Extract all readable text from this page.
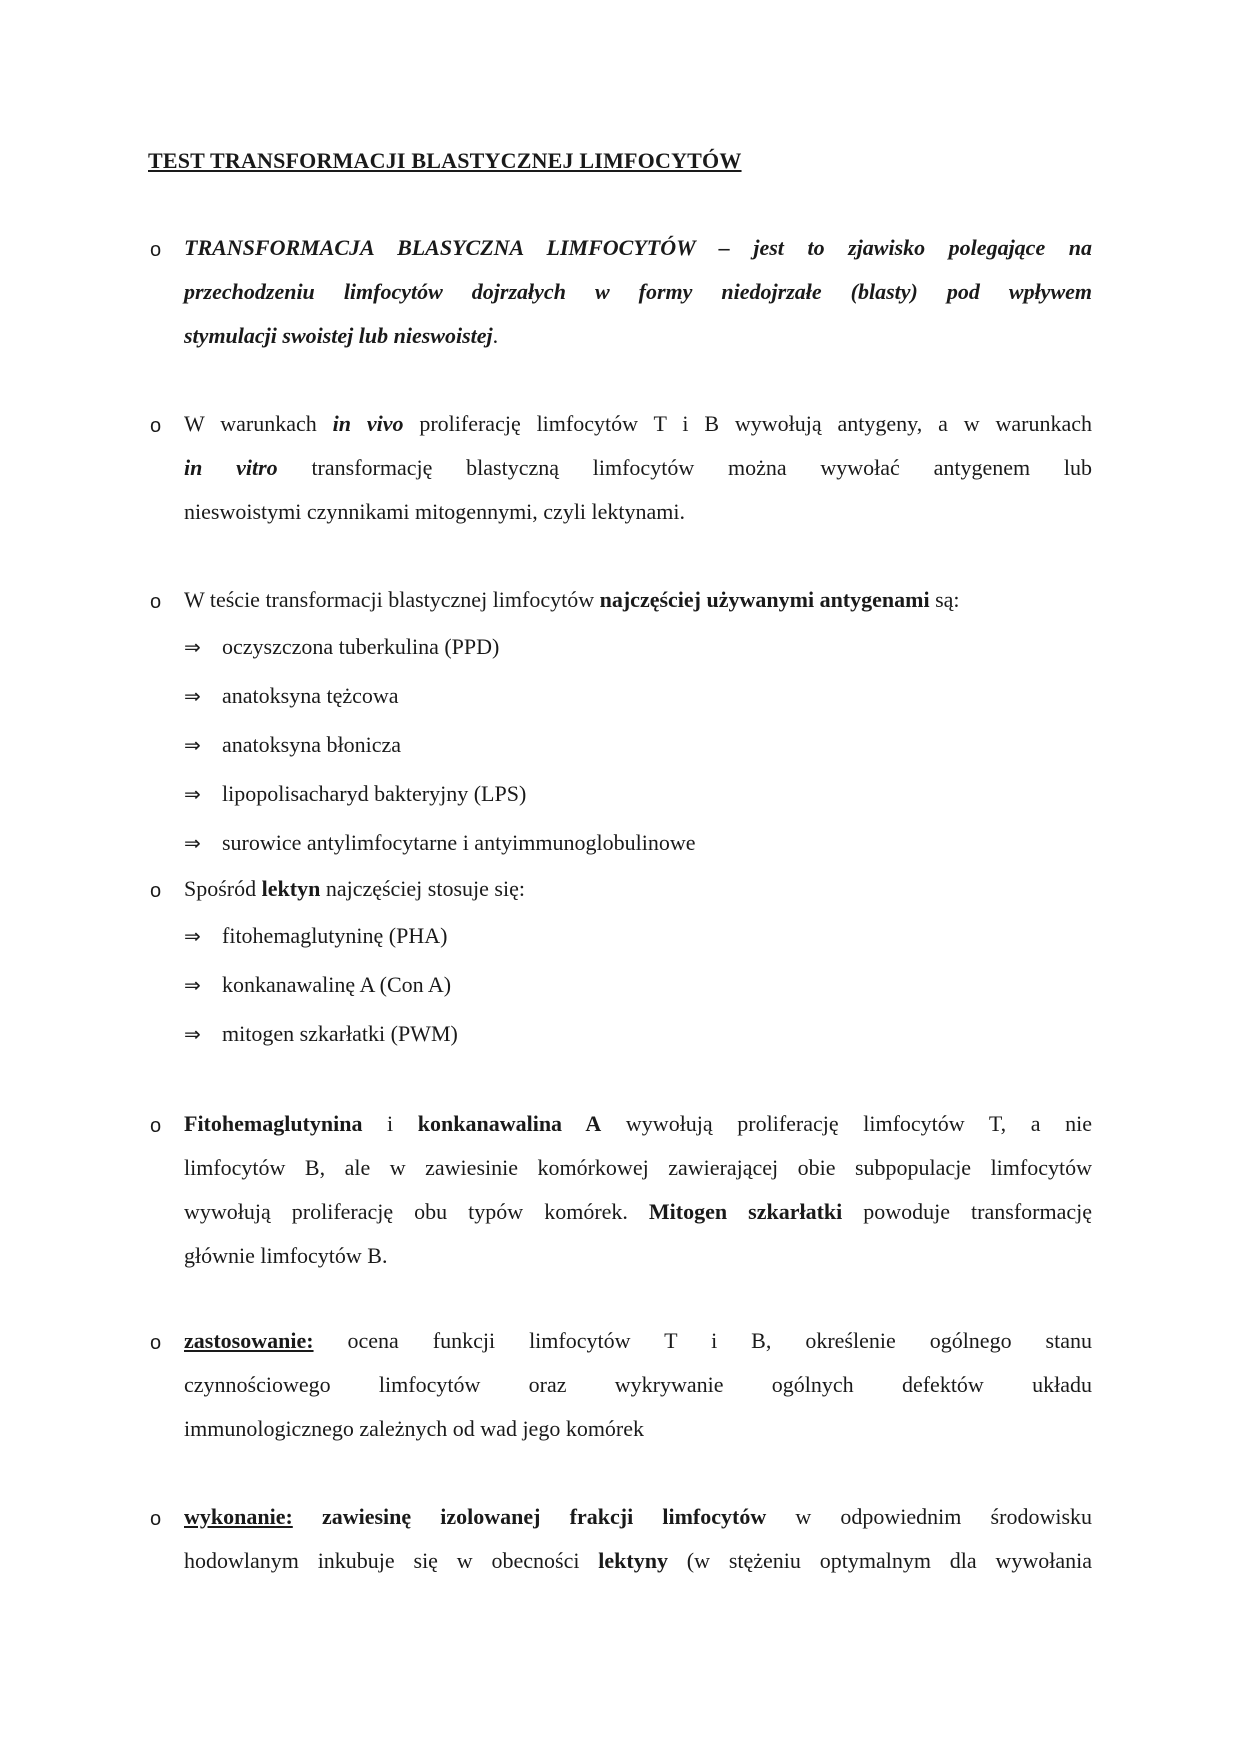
TEST TRANSFORMACJI BLASTYCZNEJ LIMFOCYTÓW
o TRANSFORMACJA BLASYCZNA LIMFOCYTÓW – jest to zjawisko polegające na
przechodzeniu limfocytów dojrzałych w formy niedojrzałe (blasty) pod wpływem
stymulacji swoistej lub nieswoistej.
o W warunkach in vivo proliferację limfocytów T i B wywołują antygeny, a w warunkach
in vitro transformację blastyczną limfocytów można wywołać antygenem lub
nieswoistymi czynnikami mitogennymi, czyli lektynami.
o W teście transformacji blastycznej limfocytów najczęściej używanymi antygenami są:
⇒ oczyszczona tuberkulina (PPD)
⇒ anatoksyna tężcowa
⇒ anatoksyna błonicza
⇒ lipopolisacharyd bakteryjny (LPS)
⇒ surowice antylimfocytarne i antyimmunoglobulinowe
o Spośród lektyn najczęściej stosuje się:
⇒ fitohemaglutyninę (PHA)
⇒ konkanawalinę A (Con A)
⇒ mitogen szkarłatki (PWM)
o Fitohemaglutynina i konkanawalina A wywołują proliferację limfocytów T, a nie
limfocytów B, ale w zawiesinie komórkowej zawierającej obie subpopulacje limfocytów
wywołują proliferację obu typów komórek. Mitogen szkarłatki powoduje transformację
głównie limfocytów B.
o zastosowanie: ocena funkcji limfocytów T i B, określenie ogólnego stanu
czynnościowego limfocytów oraz wykrywanie ogólnych defektów układu
immunologicznego zależnych od wad jego komórek
o wykonanie: zawiesinę izolowanej frakcji limfocytów w odpowiednim środowisku
hodowlanym inkubuje się w obecności lektyny (w stężeniu optymalnym dla wywołania
